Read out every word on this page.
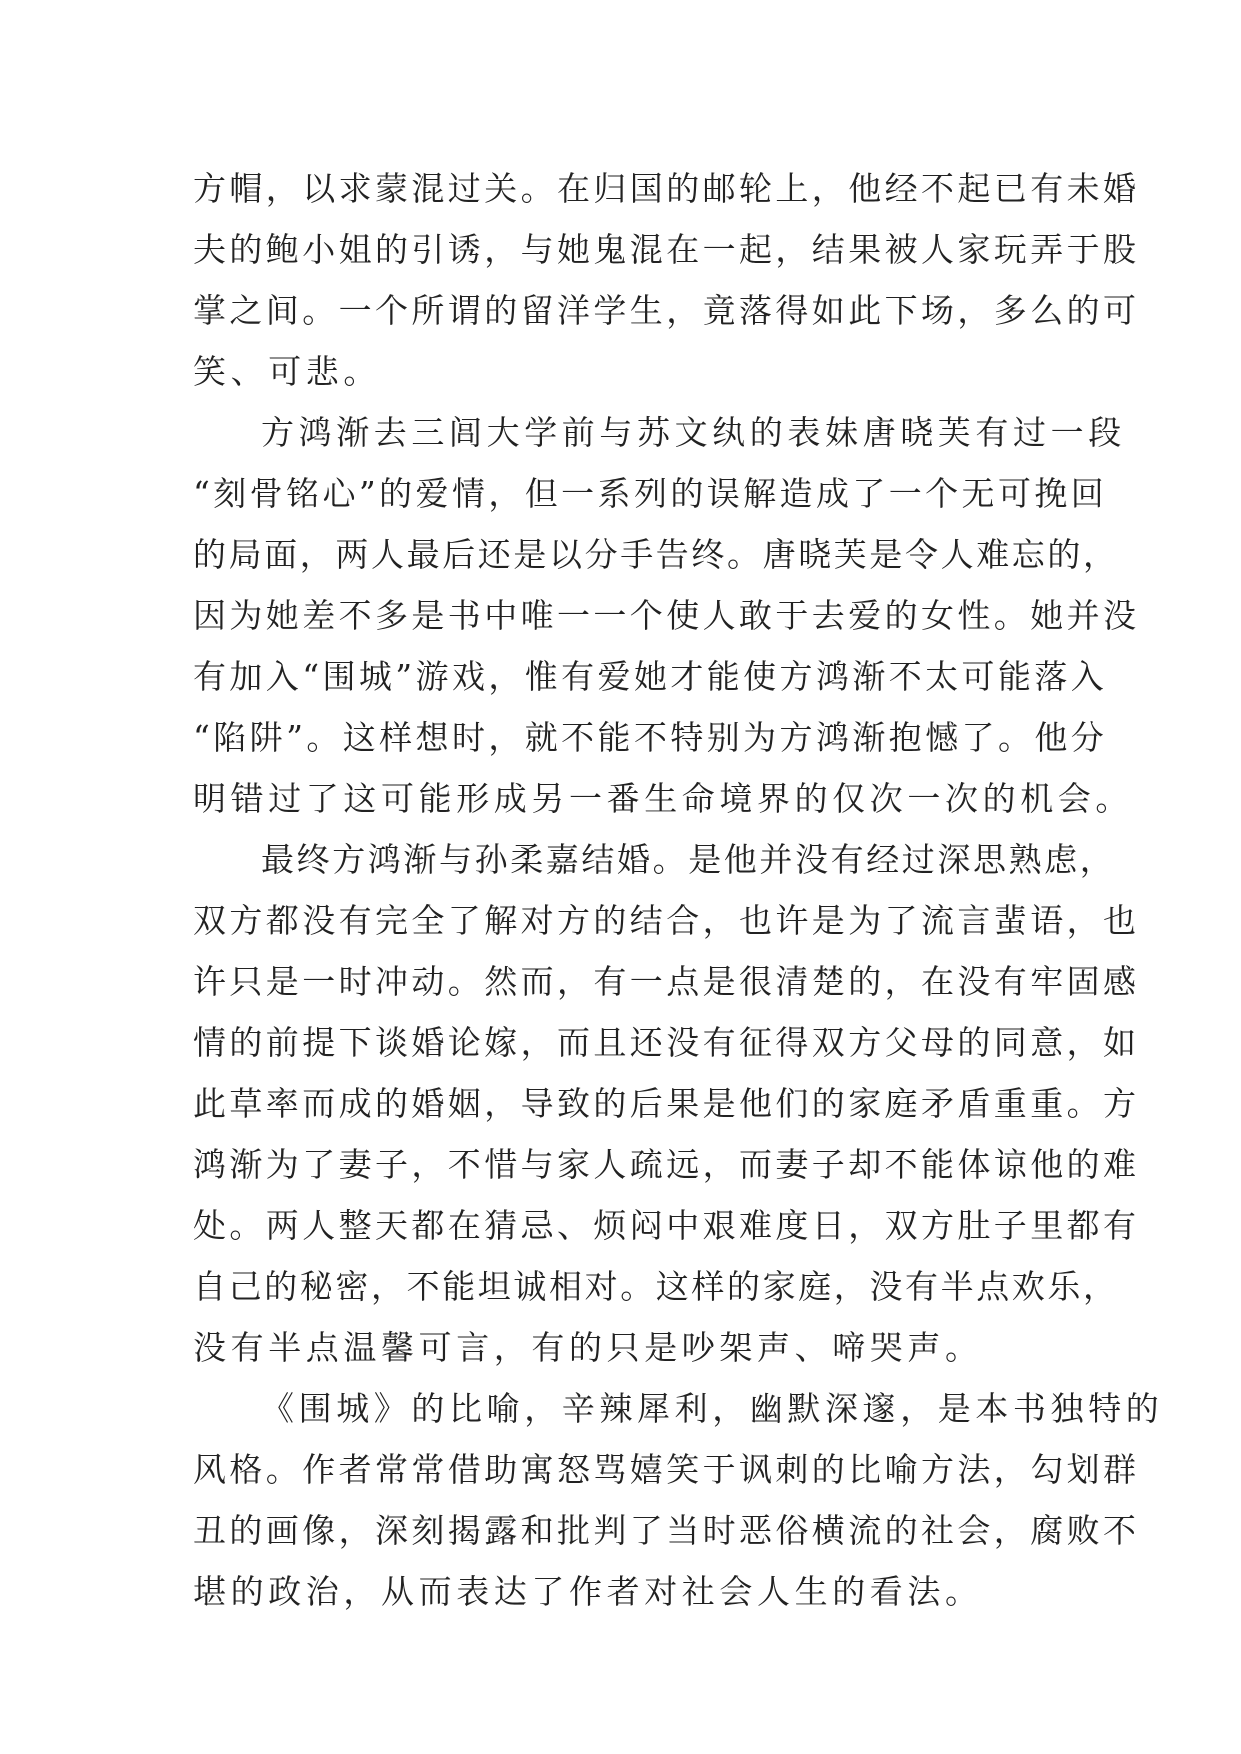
方帽，以求蒙混过关。在归国的邮轮上，他经不起已有未婚
夫的鲍小姐的引诱，与她鬼混在一起，结果被人家玩弄于股
掌之间。一个所谓的留洋学生，竟落得如此下场，多么的可
笑、可悲。
方鸿渐去三闾大学前与苏文纨的表妹唐晓芙有过一段
“刻骨铭心”的爱情，但一系列的误解造成了一个无可挽回
的局面，两人最后还是以分手告终。唐晓芙是令人难忘的，
因为她差不多是书中唯一一个使人敢于去爱的女性。她并没
有加入“围城”游戏，惟有爱她才能使方鸿渐不太可能落入
“陷阱”。这样想时，就不能不特别为方鸿渐抱憾了。他分
明错过了这可能形成另一番生命境界的仅次一次的机会。
最终方鸿渐与孙柔嘉结婚。是他并没有经过深思熟虑，
双方都没有完全了解对方的结合，也许是为了流言蜚语，也
许只是一时冲动。然而，有一点是很清楚的，在没有牢固感
情的前提下谈婚论嫁，而且还没有征得双方父母的同意，如
此草率而成的婚姻，导致的后果是他们的家庭矛盾重重。方
鸿渐为了妻子，不惜与家人疏远，而妻子却不能体谅他的难
处。两人整天都在猜忌、烦闷中艰难度日，双方肚子里都有
自己的秘密，不能坦诚相对。这样的家庭，没有半点欢乐，
没有半点温馨可言，有的只是吵架声、啼哭声。
《围城》的比喻，辛辣犀利，幽默深邃，是本书独特的
风格。作者常常借助寓怒骂嬉笑于讽刺的比喻方法，勾划群
丑的画像，深刻揭露和批判了当时恶俗横流的社会，腐败不
堪的政治，从而表达了作者对社会人生的看法。
